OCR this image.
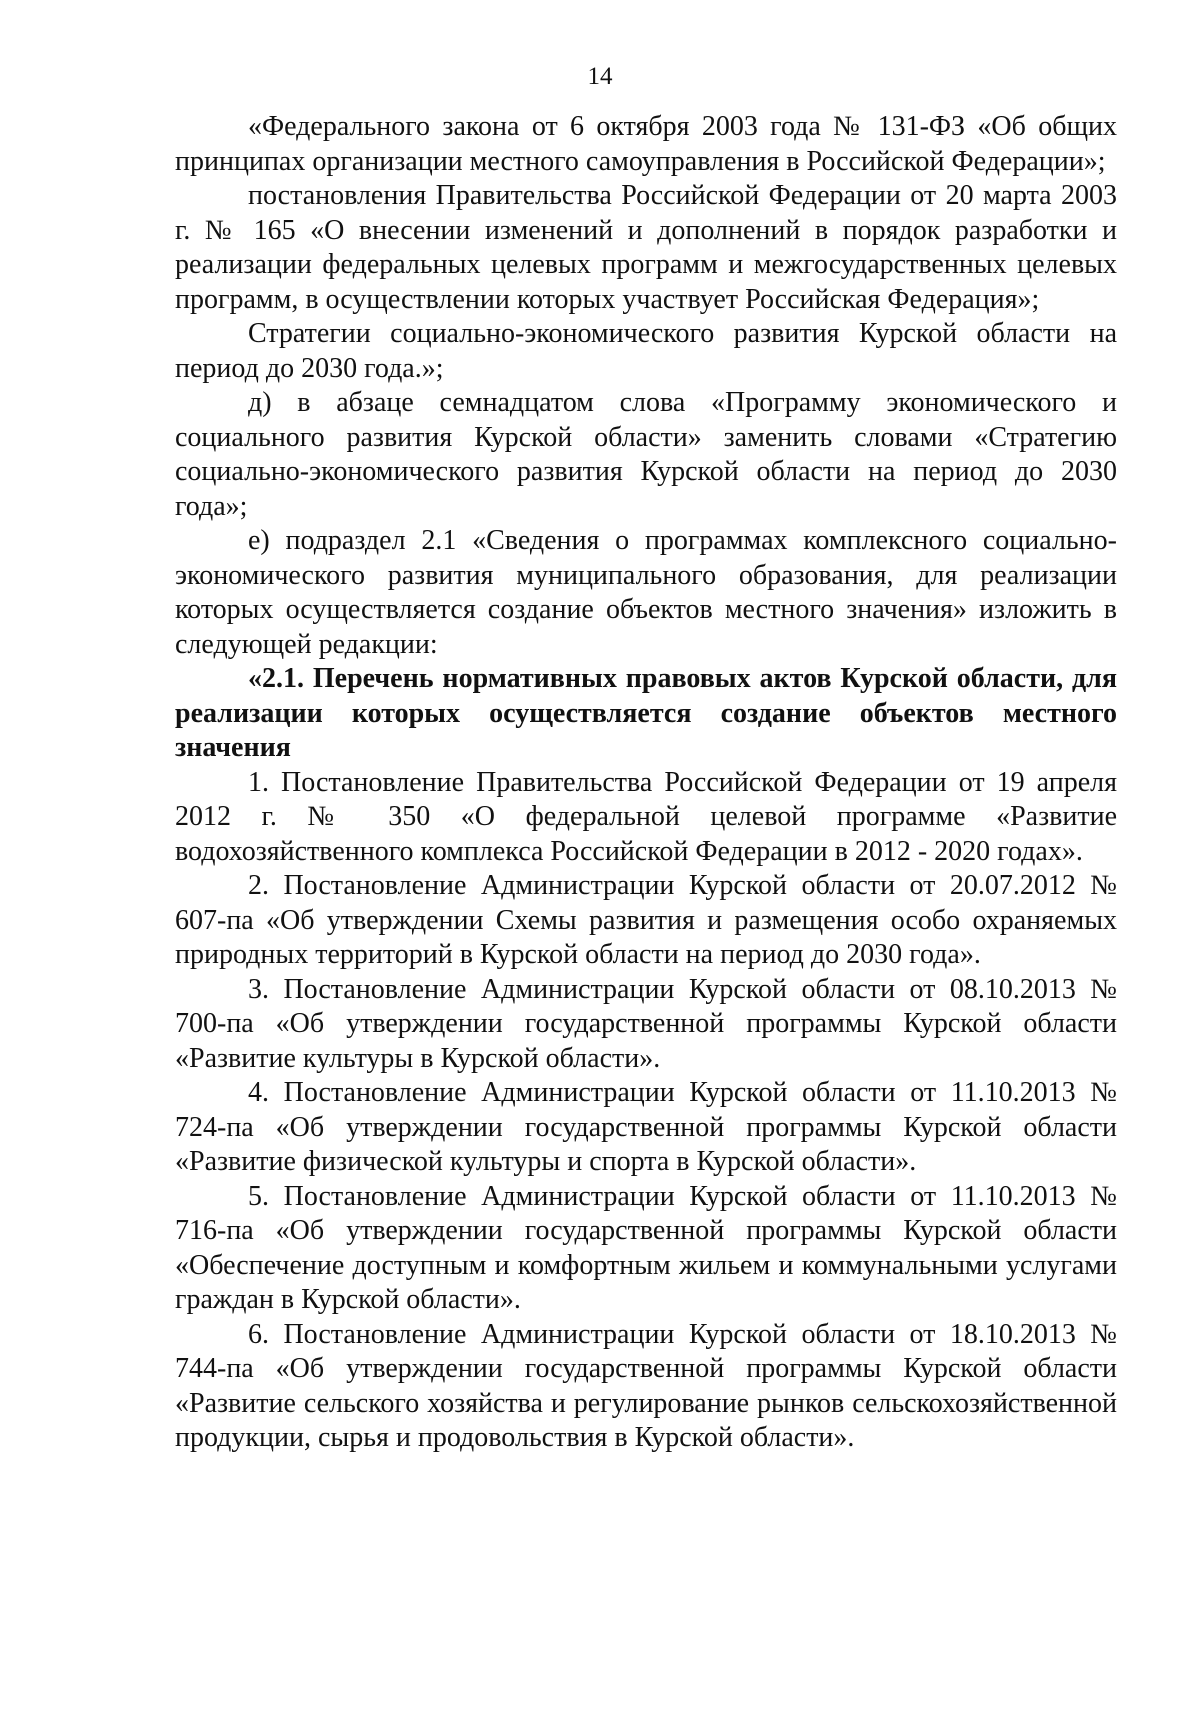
14

«Федерального закона от 6 октября 2003 года № 131-ФЗ «Об общих принципах организации местного самоуправления в Российской Федерации»;

постановления Правительства Российской Федерации от 20 марта 2003 г. № 165 «О внесении изменений и дополнений в порядок разработки и реализации федеральных целевых программ и межгосударственных целевых программ, в осуществлении которых участвует Российская Федерация»;

Стратегии социально-экономического развития Курской области на период до 2030 года.»;

д) в абзаце семнадцатом слова «Программу экономического и социального развития Курской области» заменить словами «Стратегию социально-экономического развития Курской области на период до 2030 года»;

е) подраздел 2.1 «Сведения о программах комплексного социально-экономического развития муниципального образования, для реализации которых осуществляется создание объектов местного значения» изложить в следующей редакции:

«2.1. Перечень нормативных правовых актов Курской области, для реализации которых осуществляется создание объектов местного значения

1. Постановление Правительства Российской Федерации от 19 апреля 2012 г. № 350 «О федеральной целевой программе «Развитие водохозяйственного комплекса Российской Федерации в 2012 - 2020 годах».

2. Постановление Администрации Курской области от 20.07.2012 № 607-па «Об утверждении Схемы развития и размещения особо охраняемых природных территорий в Курской области на период до 2030 года».

3. Постановление Администрации Курской области от 08.10.2013 № 700-па «Об утверждении государственной программы Курской области «Развитие культуры в Курской области».

4. Постановление Администрации Курской области от 11.10.2013 № 724-па «Об утверждении государственной программы Курской области «Развитие физической культуры и спорта в Курской области».

5. Постановление Администрации Курской области от 11.10.2013 № 716-па «Об утверждении государственной программы Курской области «Обеспечение доступным и комфортным жильем и коммунальными услугами граждан в Курской области».

6. Постановление Администрации Курской области от 18.10.2013 № 744-па «Об утверждении государственной программы Курской области «Развитие сельского хозяйства и регулирование рынков сельскохозяйственной продукции, сырья и продовольствия в Курской области».
